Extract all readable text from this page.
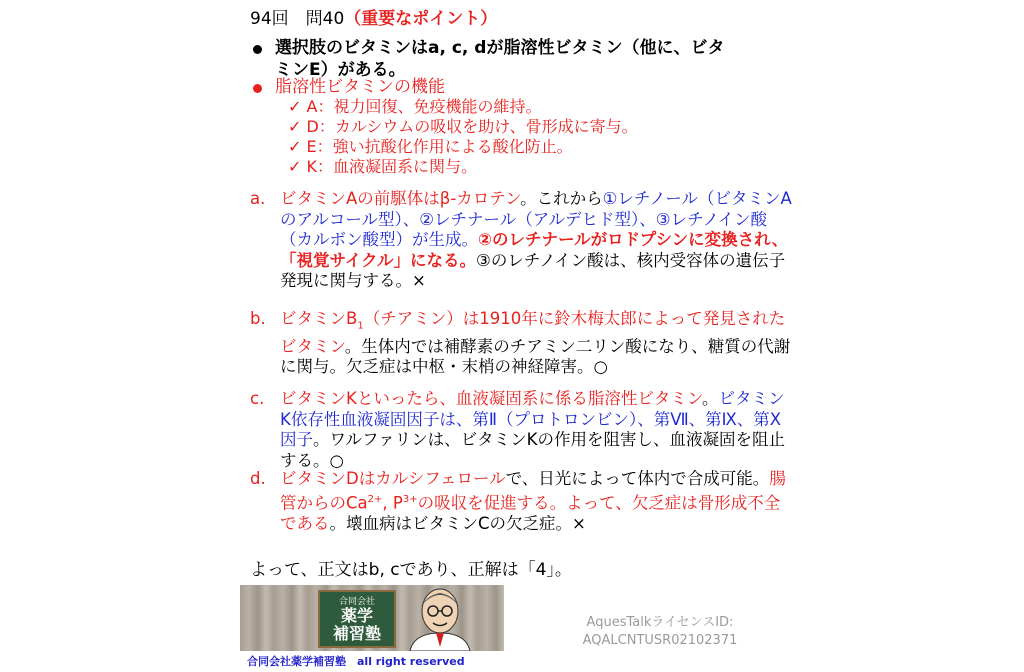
94回　問40（重要なポイント）
選択肢のビタミンはa, c, dが脂溶性ビタミン（他に、ビタ
ミンE）がある。
脂溶性ビタミンの機能
✓ A：視力回復、免疫機能の維持。
✓ D：カルシウムの吸収を助け、骨形成に寄与。
✓ E：強い抗酸化作用による酸化防止。
✓ K：血液凝固系に関与。
a. ビタミンAの前駆体はβ-カロテン。これから①レチノール（ビタミンAのアルコール型）、②レチナール（アルデヒド型）、③レチノイン酸（カルボン酸型）が生成。②のレチナールがロドプシンに変換され、「視覚サイクル」になる。③のレチノイン酸は、核内受容体の遺伝子発現に関与する。×
b. ビタミン$B_1$（チアミン）は1910年に鈴木梅太郎によって発見されたビタミン。生体内では補酵素のチアミン二リン酸になり、糖質の代謝に関与。欠乏症は中枢・末梢の神経障害。○
c. ビタミンKといったら、血液凝固系に係る脂溶性ビタミン。ビタミンK依存性血液凝固因子は、第Ⅱ（プロトロンビン）、第Ⅶ、第Ⅸ、第Ⅹ因子。ワルファリンは、ビタミンKの作用を阻害し、血液凝固を阻止する。○
d. ビタミンDはカルシフェロールで、日光によって体内で合成可能。腸管からの$Ca^{2+}$, $P^{3+}$の吸収を促進する。よって、欠乏症は骨形成不全である。壊血病はビタミンCの欠乏症。×
よって、正文はb, cであり、正解は「4」。
合同会社
薬学
補習塾
合同会社薬学補習塾　all right reserved
AquesTalkライセンスID:
AQALCNTUSR02102371
